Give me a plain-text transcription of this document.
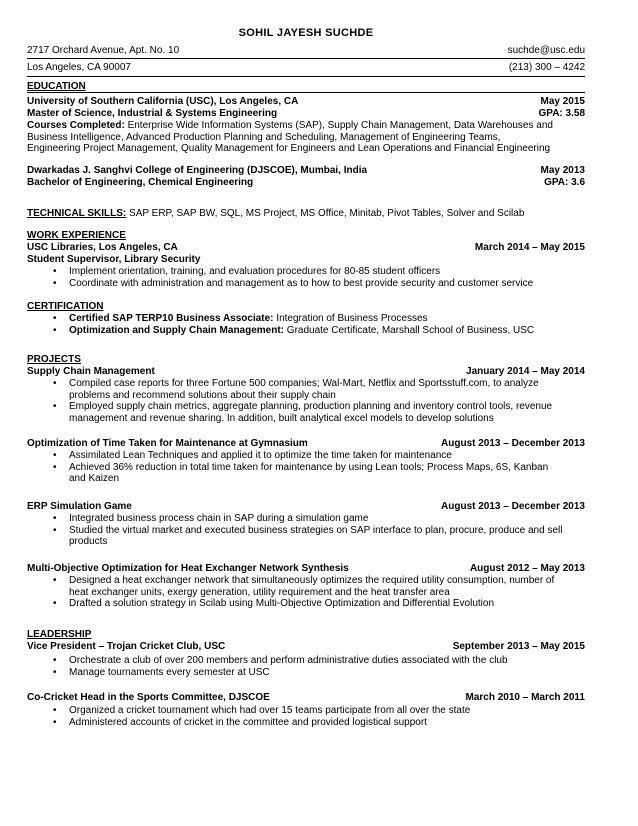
SOHIL JAYESH SUCHDE
2717 Orchard Avenue, Apt. No. 10	suchde@usc.edu
Los Angeles, CA 90007	(213) 300 – 4242
EDUCATION
University of Southern California (USC), Los Angeles, CA	May 2015
Master of Science, Industrial & Systems Engineering	GPA: 3.58
Courses Completed: Enterprise Wide Information Systems (SAP), Supply Chain Management, Data Warehouses and
Business Intelligence, Advanced Production Planning and Scheduling, Management of Engineering Teams,
Engineering Project Management, Quality Management for Engineers and Lean Operations and Financial Engineering
Dwarkadas J. Sanghvi College of Engineering (DJSCOE), Mumbai, India	May 2013
Bachelor of Engineering, Chemical Engineering	GPA: 3.6
TECHNICAL SKILLS: SAP ERP, SAP BW, SQL, MS Project, MS Office, Minitab, Pivot Tables, Solver and Scilab
WORK EXPERIENCE
USC Libraries, Los Angeles, CA	March 2014 – May 2015
Student Supervisor, Library Security
• Implement orientation, training, and evaluation procedures for 80-85 student officers
• Coordinate with administration and management as to how to best provide security and customer service
CERTIFICATION
• Certified SAP TERP10 Business Associate: Integration of Business Processes
• Optimization and Supply Chain Management: Graduate Certificate, Marshall School of Business, USC
PROJECTS
Supply Chain Management	January 2014 – May 2014
• Compiled case reports for three Fortune 500 companies; Wal-Mart, Netflix and Sportsstuff.com, to analyze
problems and recommend solutions about their supply chain
• Employed supply chain metrics, aggregate planning, production planning and inventory control tools, revenue
management and revenue sharing. In addition, built analytical excel models to develop solutions
Optimization of Time Taken for Maintenance at Gymnasium	August 2013 – December 2013
• Assimilated Lean Techniques and applied it to optimize the time taken for maintenance
• Achieved 36% reduction in total time taken for maintenance by using Lean tools; Process Maps, 6S, Kanban
and Kaizen
ERP Simulation Game	August 2013 – December 2013
• Integrated business process chain in SAP during a simulation game
• Studied the virtual market and executed business strategies on SAP interface to plan, procure, produce and sell
products
Multi-Objective Optimization for Heat Exchanger Network Synthesis	August 2012 – May 2013
• Designed a heat exchanger network that simultaneously optimizes the required utility consumption, number of
heat exchanger units, exergy generation, utility requirement and the heat transfer area
• Drafted a solution strategy in Scilab using Multi-Objective Optimization and Differential Evolution
LEADERSHIP
Vice President – Trojan Cricket Club, USC	September 2013 – May 2015
• Orchestrate a club of over 200 members and perform administrative duties associated with the club
• Manage tournaments every semester at USC
Co-Cricket Head in the Sports Committee, DJSCOE	March 2010 – March 2011
• Organized a cricket tournament which had over 15 teams participate from all over the state
• Administered accounts of cricket in the committee and provided logistical support
